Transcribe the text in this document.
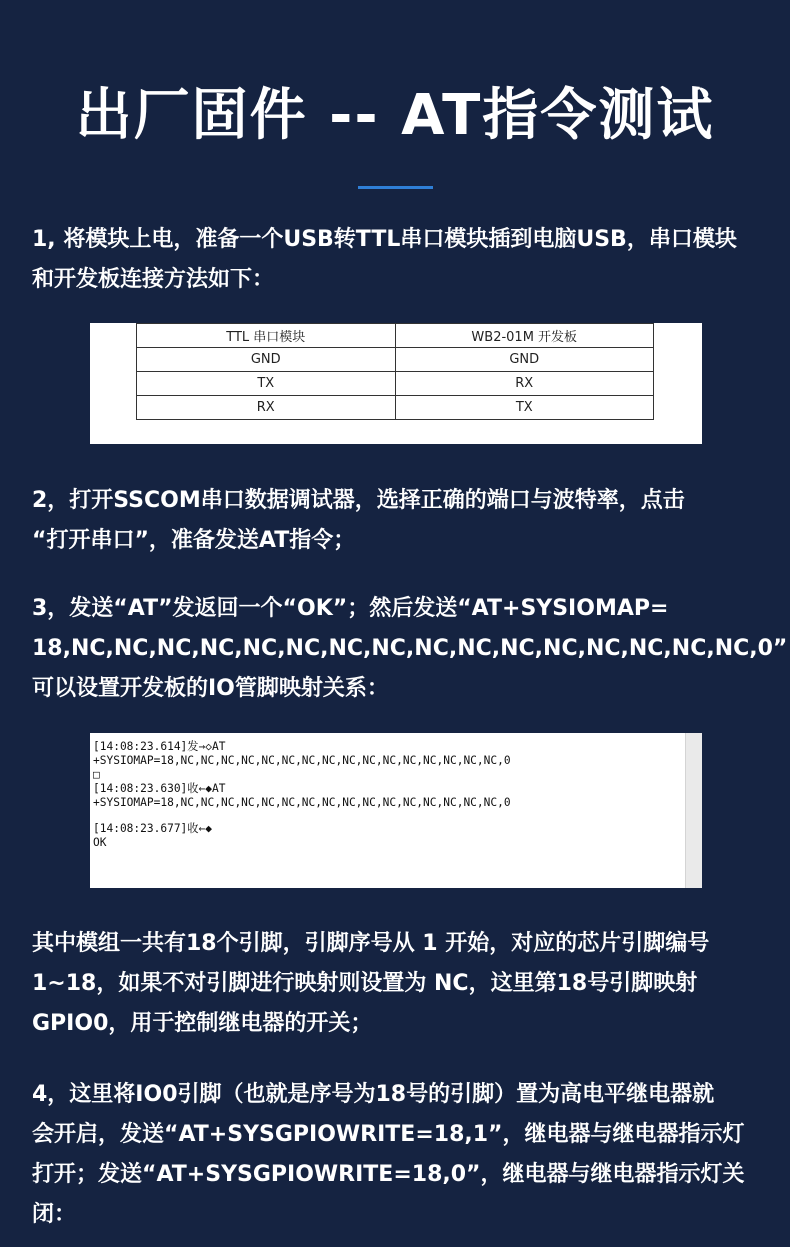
出厂固件 -- AT指令测试

1, 将模块上电，准备一个USB转TTL串口模块插到电脑USB，串口模块
和开发板连接方法如下：

TTL 串口模块	WB2-01M 开发板
GND	GND
TX	RX
RX	TX

2，打开SSCOM串口数据调试器，选择正确的端口与波特率，点击
“打开串口”，准备发送AT指令；

3，发送“AT”发返回一个“OK”；然后发送“AT+SYSIOMAP=
18,NC,NC,NC,NC,NC,NC,NC,NC,NC,NC,NC,NC,NC,NC,NC,NC,0”
可以设置开发板的IO管脚映射关系：

[14:08:23.614]发→◇AT
+SYSIOMAP=18,NC,NC,NC,NC,NC,NC,NC,NC,NC,NC,NC,NC,NC,NC,NC,NC,0
□
[14:08:23.630]收←◆AT
+SYSIOMAP=18,NC,NC,NC,NC,NC,NC,NC,NC,NC,NC,NC,NC,NC,NC,NC,NC,0
[14:08:23.677]收←◆
OK

其中模组一共有18个引脚，引脚序号从 1 开始，对应的芯片引脚编号
1~18，如果不对引脚进行映射则设置为 NC，这里第18号引脚映射
GPIO0，用于控制继电器的开关；

4，这里将IO0引脚（也就是序号为18号的引脚）置为高电平继电器就
会开启，发送“AT+SYSGPIOWRITE=18,1”，继电器与继电器指示灯
打开；发送“AT+SYSGPIOWRITE=18,0”，继电器与继电器指示灯关
闭：
